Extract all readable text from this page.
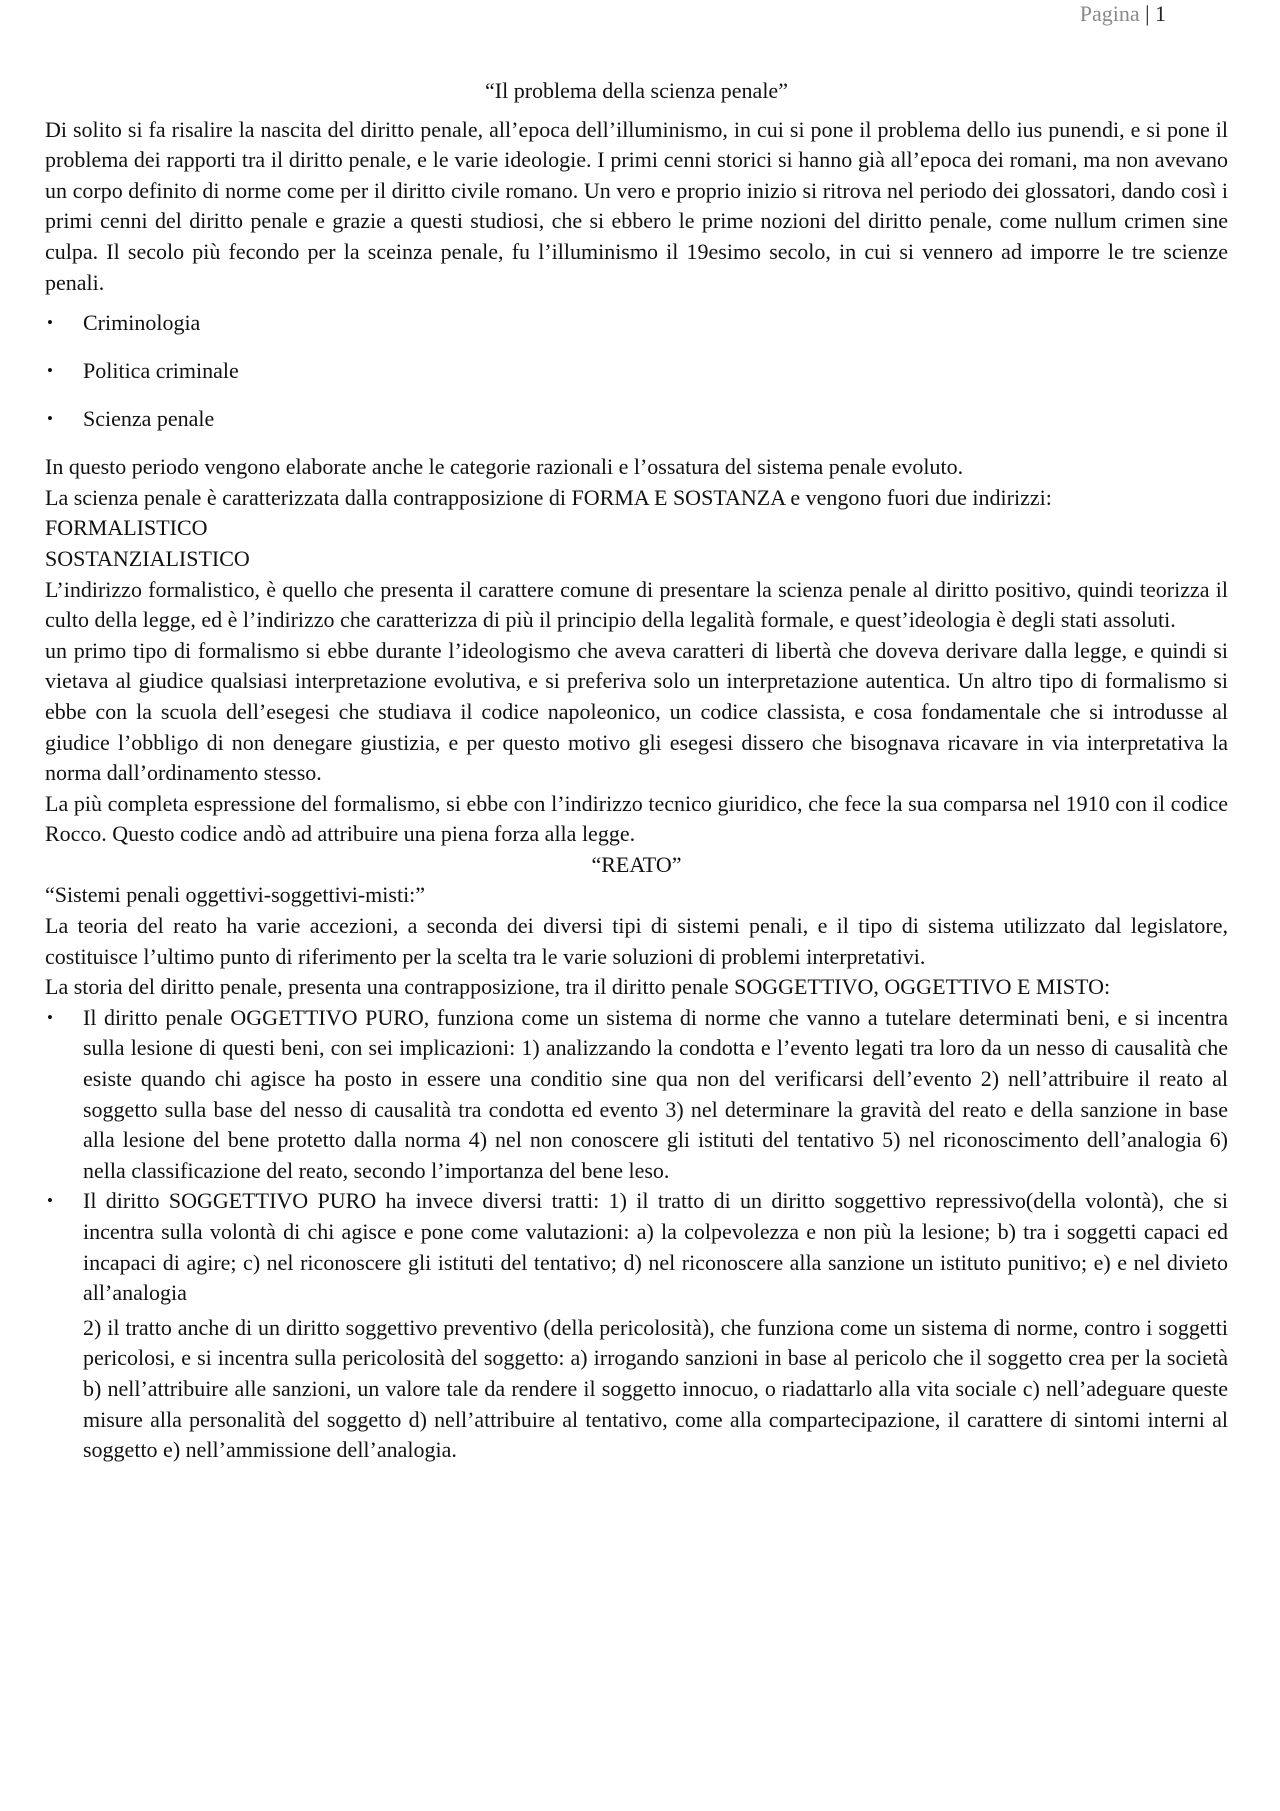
Pagina | 1
“Il problema della scienza penale”

Di solito si fa risalire la nascita del diritto penale, all’epoca dell’illuminismo, in cui si pone il problema dello ius punendi, e si pone il problema dei rapporti tra il diritto penale, e le varie ideologie. I primi cenni storici si hanno già all’epoca dei romani, ma non avevano un corpo definito di norme come per il diritto civile romano. Un vero e proprio inizio si ritrova nel periodo dei glossatori, dando così i primi cenni del diritto penale e grazie a questi studiosi, che si ebbero le prime nozioni del diritto penale, come nullum crimen sine culpa. Il secolo più fecondo per la sceinza penale, fu l’illuminismo il 19esimo secolo, in cui si vennero ad imporre le tre scienze penali.

• Criminologia
• Politica criminale
• Scienza penale

In questo periodo vengono elaborate anche le categorie razionali e l’ossatura del sistema penale evoluto.

La scienza penale è caratterizzata dalla contrapposizione di FORMA E SOSTANZA e vengono fuori due indirizzi:

FORMALISTICO
SOSTANZIALISTICO

L’indirizzo formalistico, è quello che presenta il carattere comune di presentare la scienza penale al diritto positivo, quindi teorizza il culto della legge, ed è l’indirizzo che caratterizza di più il principio della legalità formale, e quest’ideologia è degli stati assoluti.

un primo tipo di formalismo si ebbe durante l’ideologismo che aveva caratteri di libertà che doveva derivare dalla legge, e quindi si vietava al giudice qualsiasi interpretazione evolutiva, e si preferiva solo un interpretazione autentica. Un altro tipo di formalismo si ebbe con la scuola dell’esegesi che studiava il codice napoleonico, un codice classista, e cosa fondamentale che si introdusse al giudice l’obbligo di non denegare giustizia, e per questo motivo gli esegesi dissero che bisognava ricavare in via interpretativa la norma dall’ordinamento stesso.

La più completa espressione del formalismo, si ebbe con l’indirizzo tecnico giuridico, che fece la sua comparsa nel 1910 con il codice Rocco. Questo codice andò ad attribuire una piena forza alla legge.

“REATO”
“Sistemi penali oggettivi-soggettivi-misti:”

La teoria del reato ha varie accezioni, a seconda dei diversi tipi di sistemi penali, e il tipo di sistema utilizzato dal legislatore, costituisce l’ultimo punto di riferimento per la scelta tra le varie soluzioni di problemi interpretativi.

La storia del diritto penale, presenta una contrapposizione, tra il diritto penale SOGGETTIVO, OGGETTIVO E MISTO:

• Il diritto penale OGGETTIVO PURO, funziona come un sistema di norme che vanno a tutelare determinati beni, e si incentra sulla lesione di questi beni, con sei implicazioni: 1) analizzando la condotta e l’evento legati tra loro da un nesso di causalità che esiste quando chi agisce ha posto in essere una conditio sine qua non del verificarsi dell’evento 2) nell’attribuire il reato al soggetto sulla base del nesso di causalità tra condotta ed evento 3) nel determinare la gravità del reato e della sanzione in base alla lesione del bene protetto dalla norma 4) nel non conoscere gli istituti del tentativo 5) nel riconoscimento dell’analogia 6) nella classificazione del reato, secondo l’importanza del bene leso.
• Il diritto SOGGETTIVO PURO ha invece diversi tratti: 1) il tratto di un diritto soggettivo repressivo(della volontà), che si incentra sulla volontà di chi agisce e pone come valutazioni: a) la colpevolezza e non più la lesione; b) tra i soggetti capaci ed incapaci di agire; c) nel riconoscere gli istituti del tentativo; d) nel riconoscere alla sanzione un istituto punitivo; e) e nel divieto all’analogia
2) il tratto anche di un diritto soggettivo preventivo (della pericolosità), che funziona come un sistema di norme, contro i soggetti pericolosi, e si incentra sulla pericolosità del soggetto: a) irrogando sanzioni in base al pericolo che il soggetto crea per la società b) nell’attribuire alle sanzioni, un valore tale da rendere il soggetto innocuo, o riadattarlo alla vita sociale c) nell’adeguare queste misure alla personalità del soggetto d) nell’attribuire al tentativo, come alla compartecipazione, il carattere di sintomi interni al soggetto e) nell’ammissione dell’analogia.
